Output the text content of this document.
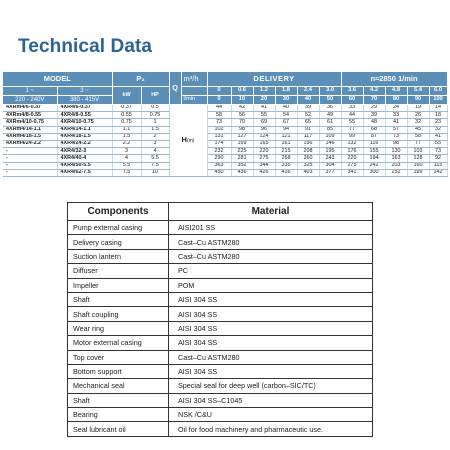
Technical Data
MODEL		P₂		Q	m³/h	DELIVERY						n≈2850 1/min				
1 ~	3 ~	kW	HP			0	0.6	1.2	1.8	2.4	3.0	3.6	4.2	4.8	5.4	6.0
220 - 240V	380 - 415V				l/min	0	10	20	30	40	50	60	70	80	90	100
4XRm4/6-0.37	4XR4/6-0.37	0.37	0.5	H(m)		44	42	41	40	39	36	33	29	24	19	14
4XRm4/8-0.55	4XR4/8-0.55	0.55	0.75			58	56	55	54	52	49	44	39	33	26	18
4XRm4/10-0.75	4XR4/10-0.75	0.75	1			73	70	69	67	65	61	55	48	41	32	23
4XRm4/14-1.1	4XR4/14-1.1	1.1	1.5			102	98	96	94	91	85	77	68	57	45	32
4XRm4/18-1.5	4XR4/18-1.5	1.5	2			131	127	124	121	117	109	99	87	73	58	41
4XRm4/24-2.2	4XR4/24-2.2	2.2	3			174	169	165	161	156	146	132	116	98	77	55
-	4XR4/32-3	3	4			232	225	220	215	208	195	176	155	130	103	73
-	4XR4/40-4	4	5.5			290	281	275	268	260	243	220	194	163	128	92
-	4XR4/50-5.5	5.5	7.5			363	352	344	335	325	304	275	242	203	160	115
-	4XR4/62-7.5	7.5	10			450	436	426	416	403	377	341	300	252	199	142
Components	Material
Pump external casing	AISI201 SS
Delivery casing	Cast–Cu ASTM280
Suction lantern	Cast–Cu ASTM280
Diffuser	PC
Impeller	POM
Shaft	AISI 304 SS
Shaft coupling	AISI 304 SS
Wear ring	AISI 304 SS
Motor external casing	AISI 304 SS
Top cover	Cast–Cu ASTM280
Bottom support	AISI 304 SS
Mechanical seal	Special seal for deep well (carbon–SIC/TC)
Shaft	AISI 304 SS–C1045
Bearing	NSK /C&U
Seal lubricant oil	Oil for food machinery and pharmaceutic use.
